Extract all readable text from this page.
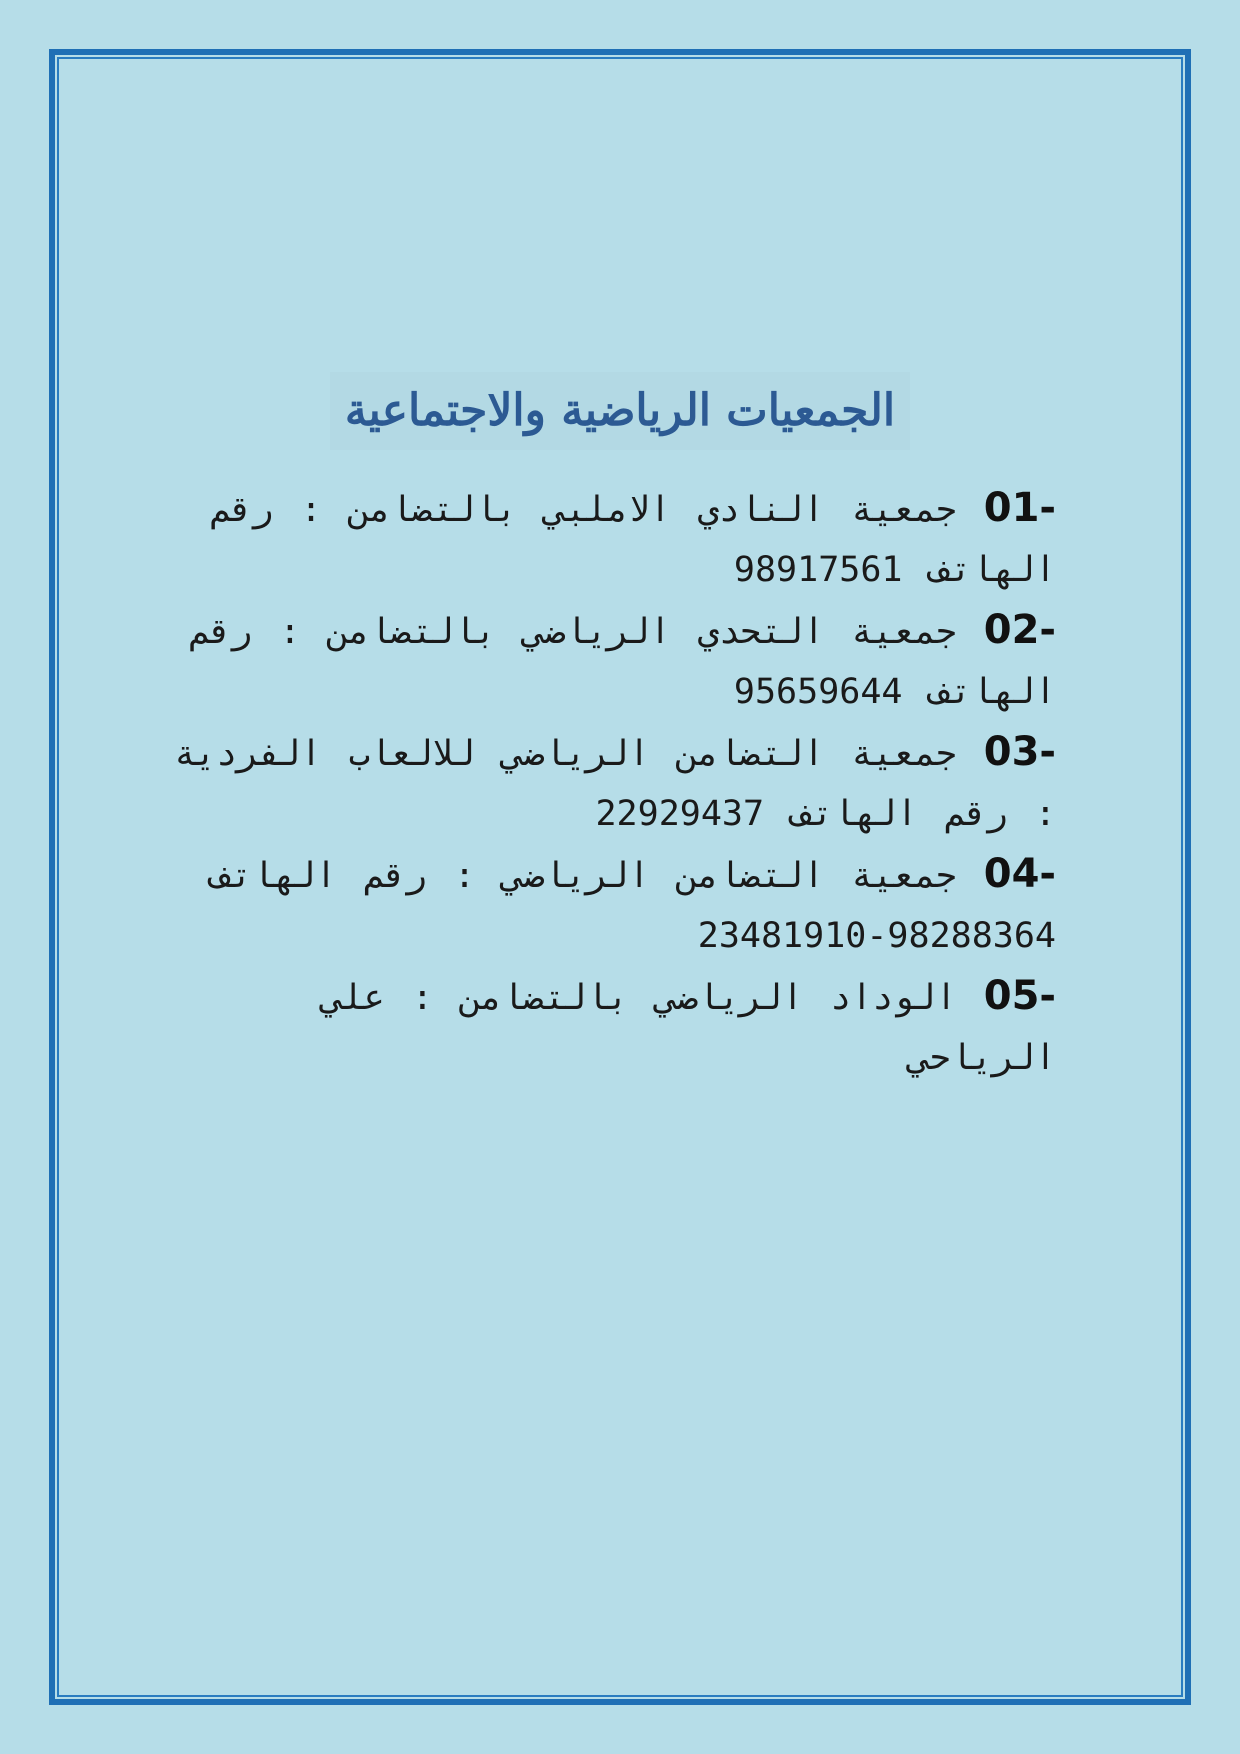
الجمعيات الرياضية والاجتماعية

01- جمعية النادي الاملبي بالتضامن : رقم الهاتف 98917561

02- جمعية التحدي الرياضي بالتضامن : رقم الهاتف 95659644

03- جمعية التضامن الرياضي للالعاب الفردية : رقم الهاتف 22929437

04- جمعية التضامن الرياضي : رقم الهاتف 98288364-23481910

05- الوداد الرياضي بالتضامن : علي الرياحي
